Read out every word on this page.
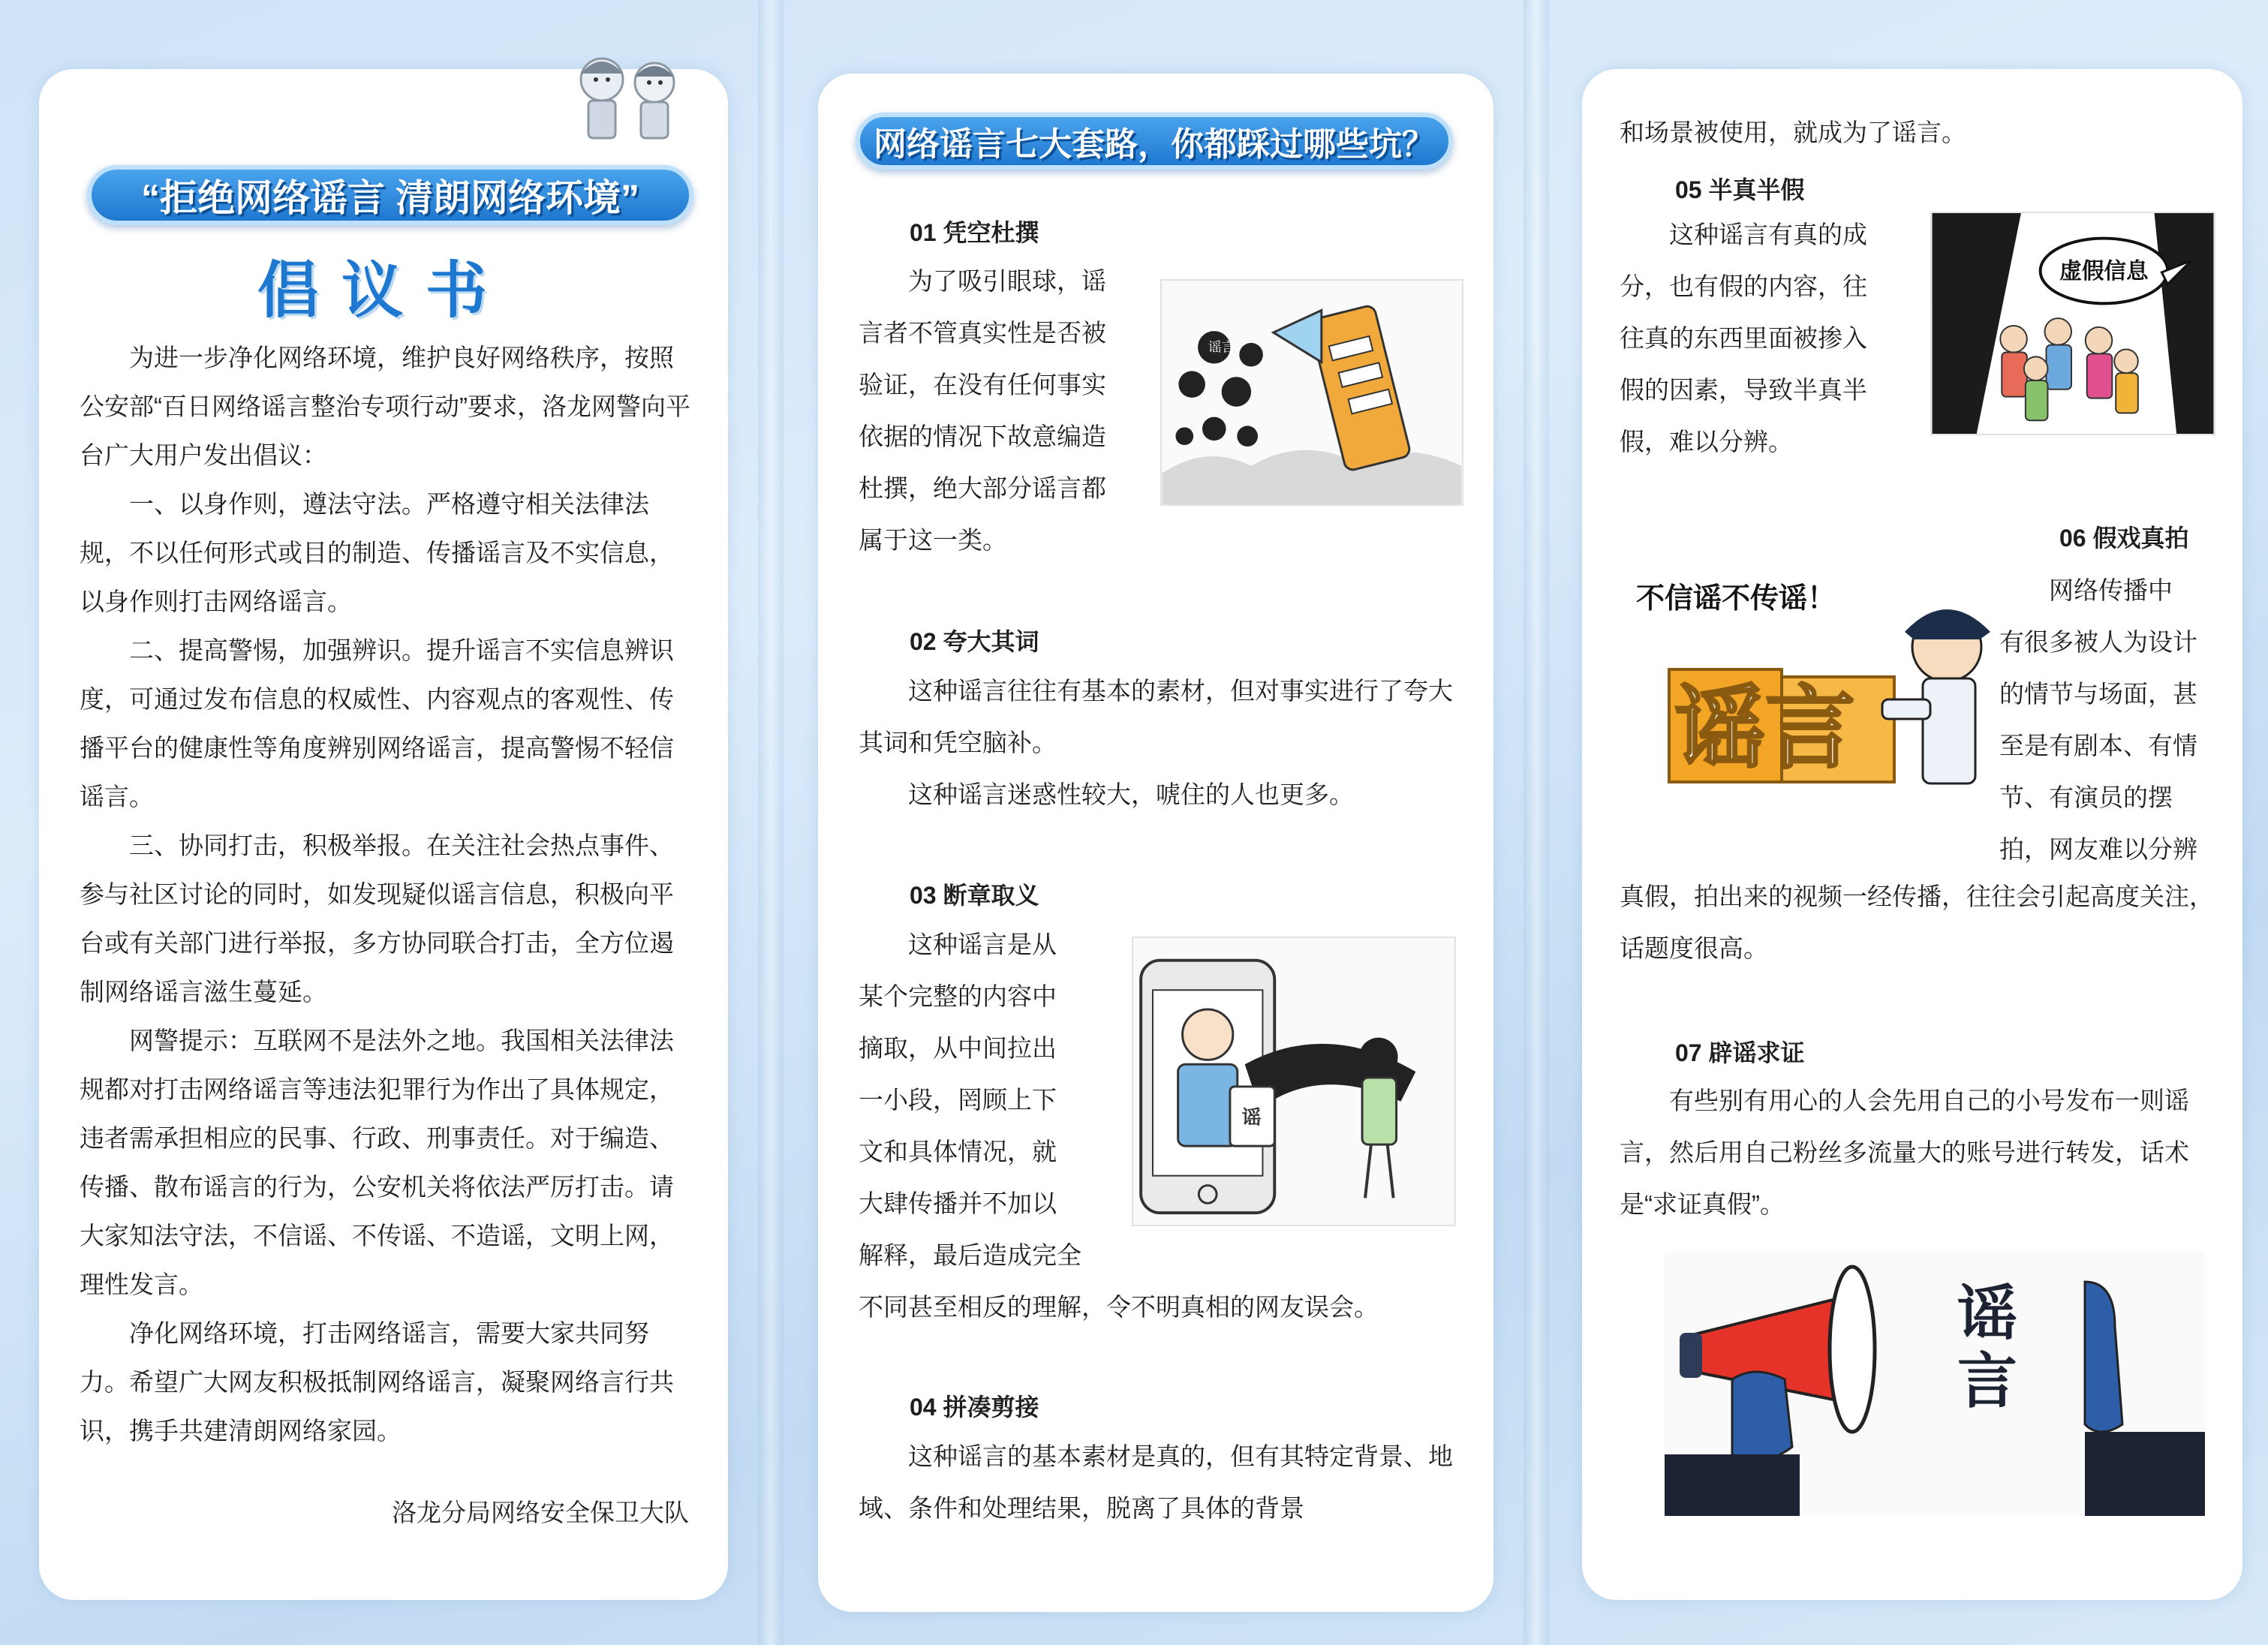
“拒绝网络谣言 清朗网络环境”
倡议书

为进一步净化网络环境，维护良好网络秩序，按照公安部“百日网络谣言整治专项行动”要求，洛龙网警向平台广大用户发出倡议：

一、以身作则，遵法守法。严格遵守相关法律法规，不以任何形式或目的制造、传播谣言及不实信息，以身作则打击网络谣言。

二、提高警惕，加强辨识。提升谣言不实信息辨识度，可通过发布信息的权威性、内容观点的客观性、传播平台的健康性等角度辨别网络谣言，提高警惕不轻信谣言。

三、协同打击，积极举报。在关注社会热点事件、参与社区讨论的同时，如发现疑似谣言信息，积极向平台或有关部门进行举报，多方协同联合打击，全方位遏制网络谣言滋生蔓延。

网警提示：互联网不是法外之地。我国相关法律法规都对打击网络谣言等违法犯罪行为作出了具体规定，违者需承担相应的民事、行政、刑事责任。对于编造、传播、散布谣言的行为，公安机关将依法严厉打击。请大家知法守法，不信谣、不传谣、不造谣，文明上网，理性发言。

净化网络环境，打击网络谣言，需要大家共同努力。希望广大网友积极抵制网络谣言，凝聚网络言行共识，携手共建清朗网络家园。

洛龙分局网络安全保卫大队
网络谣言七大套路，你都踩过哪些坑？
01 凭空杜撰
为了吸引眼球，谣
言者不管真实性是否被
验证，在没有任何事实
依据的情况下故意编造
杜撰，绝大部分谣言都
属于这一类。
谣言
02 夸大其词
这种谣言往往有基本的素材，但对事实进行了夸大其词和凭空脑补。
这种谣言迷惑性较大，唬住的人也更多。
03 断章取义
这种谣言是从
某个完整的内容中
摘取，从中间拉出
一小段，罔顾上下
文和具体情况，就
大肆传播并不加以
解释，最后造成完全
不同甚至相反的理解，令不明真相的网友误会。
谣
04 拼凑剪接
这种谣言的基本素材是真的，但有其特定背景、地域、条件和处理结果，脱离了具体的背景
和场景被使用，就成为了谣言。
05 半真半假
这种谣言有真的成
分，也有假的内容，往
往真的东西里面被掺入
假的因素，导致半真半
假，难以分辨。
虚假信息
06 假戏真拍
不信谣不传谣！
谣言
网络传播中
有很多被人为设计
的情节与场面，甚
至是有剧本、有情
节、有演员的摆
拍，网友难以分辨
真假，拍出来的视频一经传播，往往会引起高度关注，话题度很高。
07 辟谣求证
有些别有用心的人会先用自己的小号发布一则谣言，然后用自己粉丝多流量大的账号进行转发，话术是“求证真假”。
谣
言
